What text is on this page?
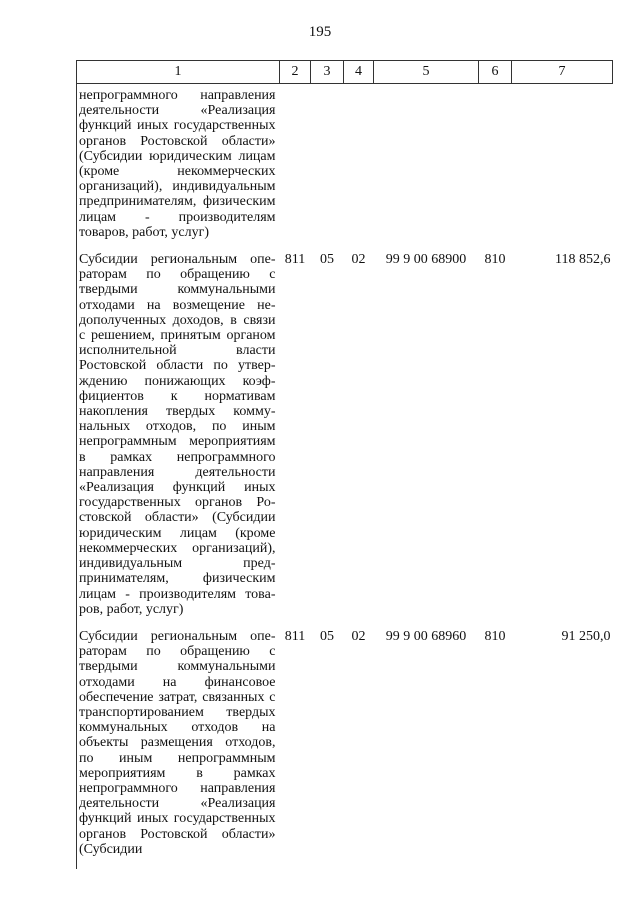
195
1	2	3	4	5	6	7
непрограммного направления деятельности «Реализация функций иных государственных органов Ростовской области» (Субсидии юридическим лицам (кроме некоммерческих организаций), индивидуальным предпринимателям, физическим лицам - производителям товаров, работ, услуг)						
Субсидии региональным операторам по обращению с твердыми коммунальными отходами на возмещение недополученных доходов, в связи с решением, принятым органом исполнительной власти Ростовской области по утверждению понижающих коэффициентов к нормативам накопления твердых коммунальных отходов, по иным непрограммным мероприятиям в рамках непрограммного направления деятельности «Реализация функций иных государственных органов Ростовской области» (Субсидии юридическим лицам (кроме некоммерческих организаций), индивидуальным предпринимателям, физическим лицам - производителям товаров, работ, услуг)	811	05	02	99 9 00 68900	810	118 852,6
Субсидии региональным операторам по обращению с твердыми коммунальными отходами на финансовое обеспечение затрат, связанных с транспортированием твердых коммунальных отходов на объекты размещения отходов, по иным непрограммным мероприятиям в рамках непрограммного направления деятельности «Реализация функций иных государственных органов Ростовской области» (Субсидии	811	05	02	99 9 00 68960	810	91 250,0
